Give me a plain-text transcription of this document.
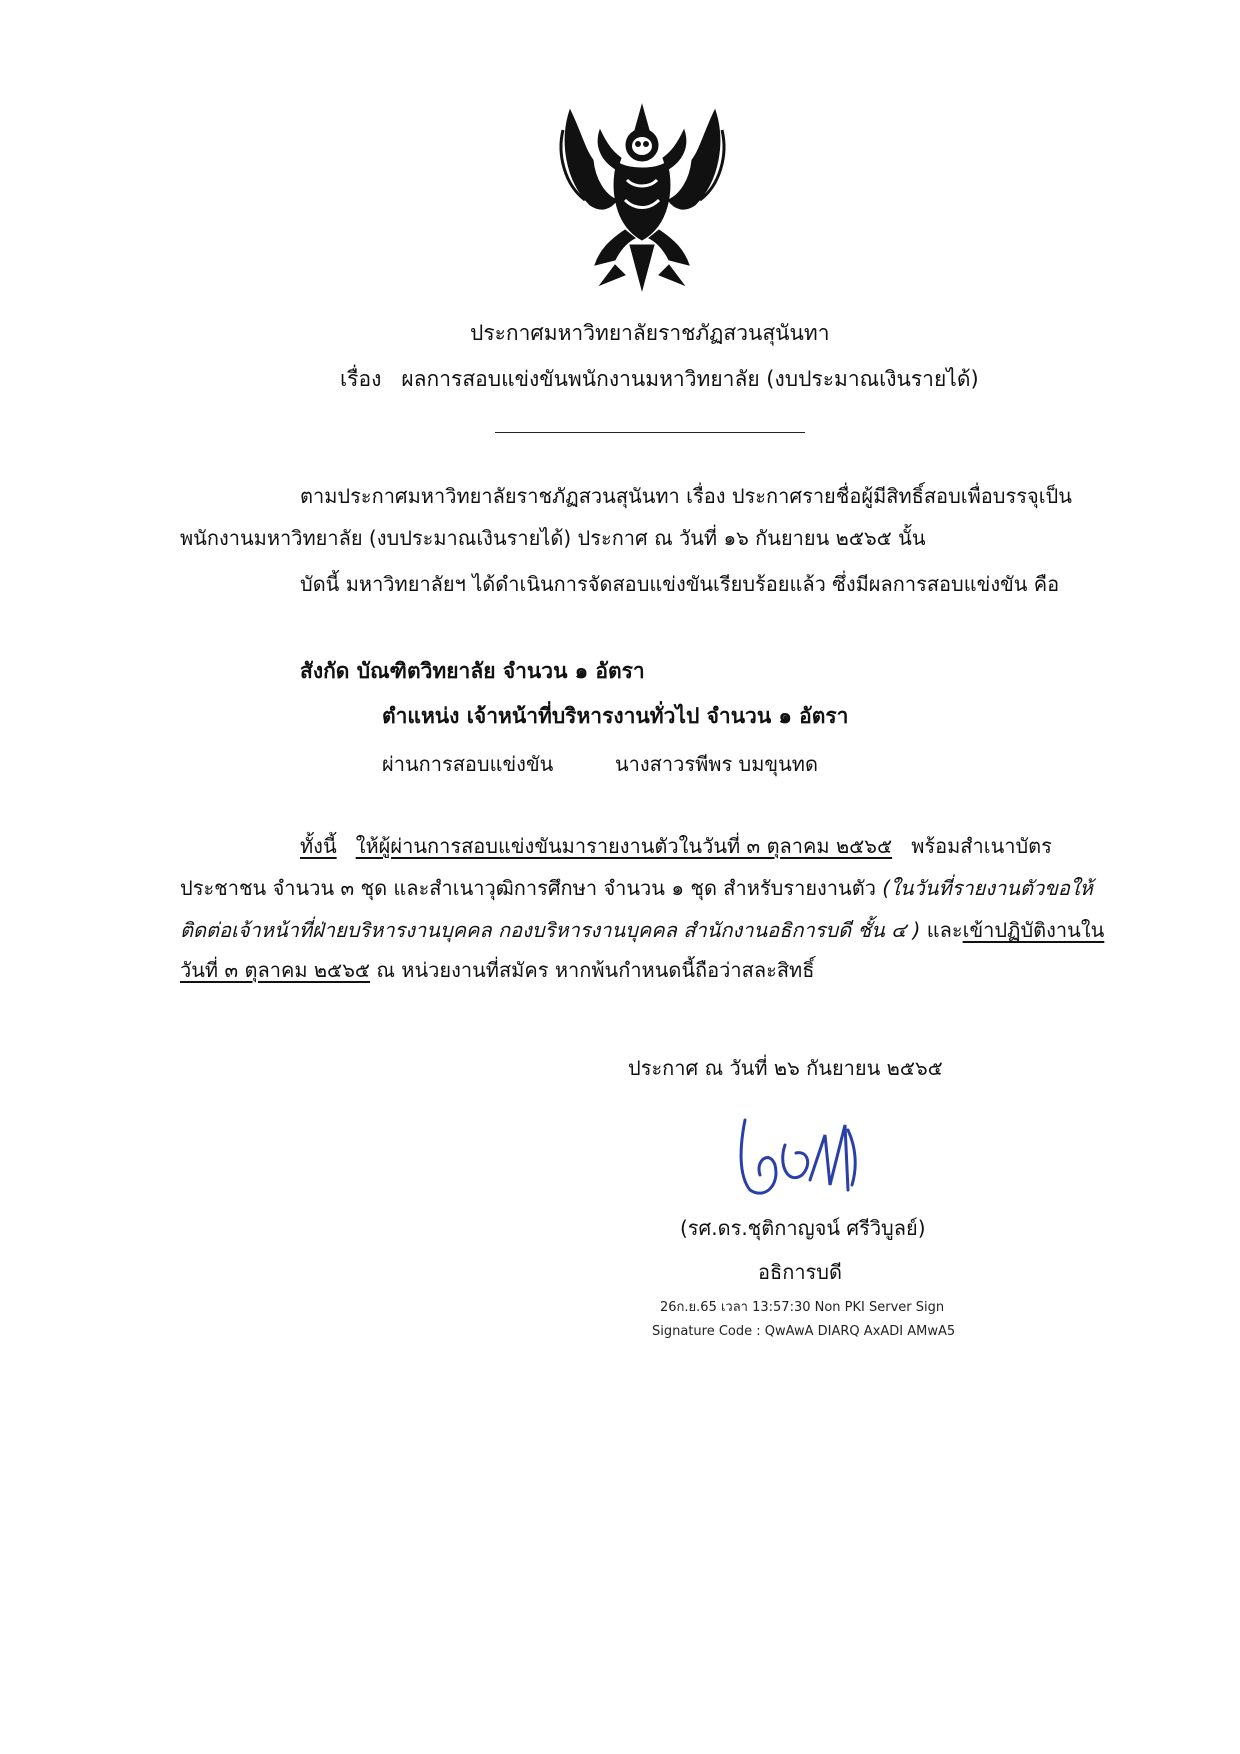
ประกาศมหาวิทยาลัยราชภัฏสวนสุนันทา
เรื่อง ผลการสอบแข่งขันพนักงานมหาวิทยาลัย (งบประมาณเงินรายได้)
ตามประกาศมหาวิทยาลัยราชภัฏสวนสุนันทา เรื่อง ประกาศรายชื่อผู้มีสิทธิ์สอบเพื่อบรรจุเป็น
พนักงานมหาวิทยาลัย (งบประมาณเงินรายได้) ประกาศ ณ วันที่ ๑๖ กันยายน ๒๕๖๕ นั้น
บัดนี้ มหาวิทยาลัยฯ ได้ดำเนินการจัดสอบแข่งขันเรียบร้อยแล้ว ซึ่งมีผลการสอบแข่งขัน คือ
สังกัด บัณฑิตวิทยาลัย จำนวน ๑ อัตรา
ตำแหน่ง เจ้าหน้าที่บริหารงานทั่วไป จำนวน ๑ อัตรา
ผ่านการสอบแข่งขัน	นางสาวรพีพร บมขุนทด
ทั้งนี้ ให้ผู้ผ่านการสอบแข่งขันมารายงานตัวในวันที่ ๓ ตุลาคม ๒๕๖๕ พร้อมสำเนาบัตร
ประชาชน จำนวน ๓ ชุด และสำเนาวุฒิการศึกษา จำนวน ๑ ชุด สำหรับรายงานตัว (ในวันที่รายงานตัวขอให้
ติดต่อเจ้าหน้าที่ฝ่ายบริหารงานบุคคล กองบริหารงานบุคคล สำนักงานอธิการบดี ชั้น ๔ ) และเข้าปฏิบัติงานใน
วันที่ ๓ ตุลาคม ๒๕๖๕ ณ หน่วยงานที่สมัคร หากพ้นกำหนดนี้ถือว่าสละสิทธิ์
ประกาศ ณ วันที่ ๒๖ กันยายน ๒๕๖๕
(รศ.ดร.ชุติกาญจน์ ศรีวิบูลย์)
อธิการบดี
26ก.ย.65 เวลา 13:57:30 Non PKI Server Sign
Signature Code : QwAwA DIARQ AxADI AMwA5
